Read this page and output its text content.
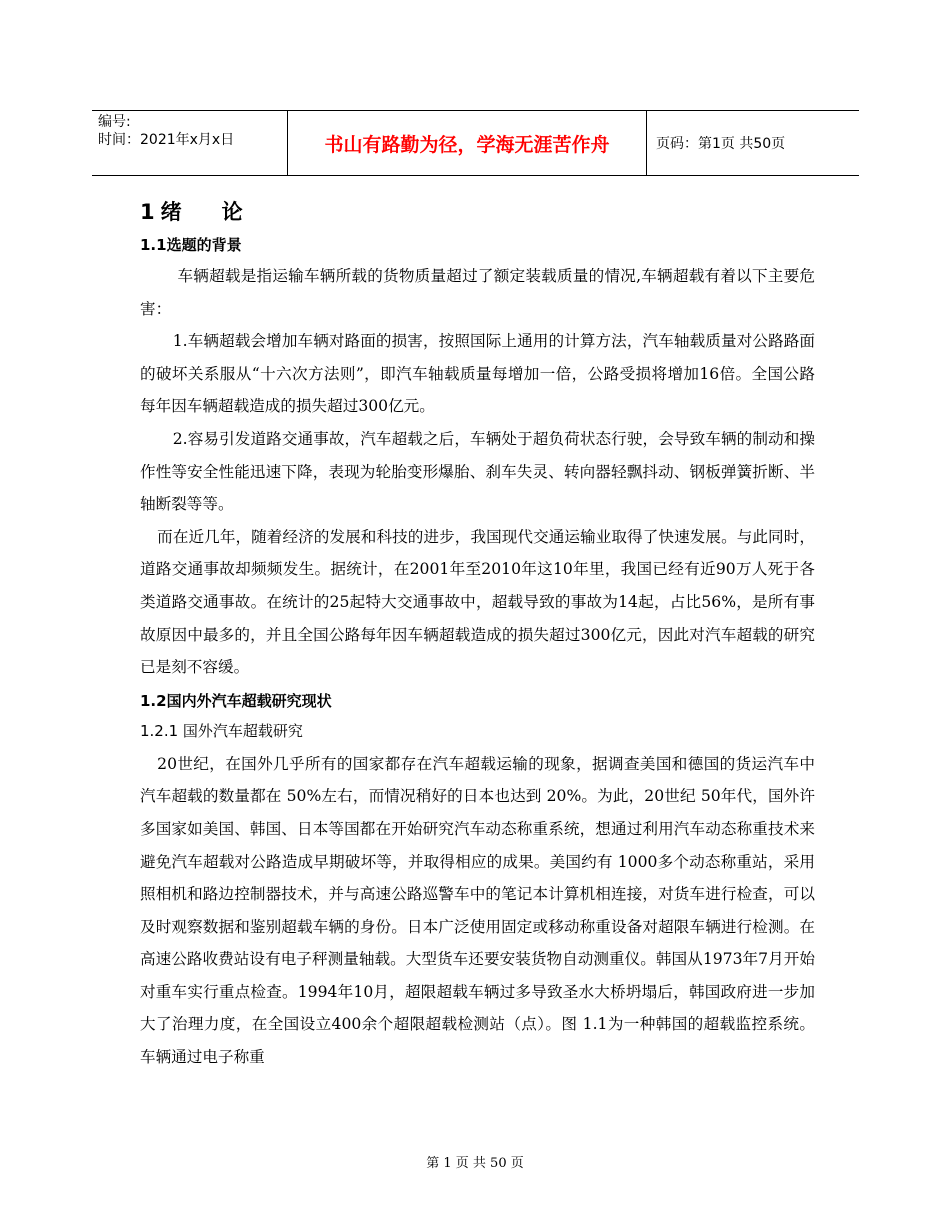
编号:
时间：2021年x月x日	书山有路勤为径，学海无涯苦作舟	页码：第1页 共50页
1 绪论
1.1选题的背景

车辆超载是指运输车辆所载的货物质量超过了额定装载质量的情况,车辆超载有着以下主要危害：

1.车辆超载会增加车辆对路面的损害，按照国际上通用的计算方法，汽车轴载质量对公路路面的破坏关系服从“十六次方法则”，即汽车轴载质量每增加一倍，公路受损将增加16倍。全国公路每年因车辆超载造成的损失超过300亿元。

2.容易引发道路交通事故，汽车超载之后，车辆处于超负荷状态行驶，会导致车辆的制动和操作性等安全性能迅速下降，表现为轮胎变形爆胎、刹车失灵、转向器轻飘抖动、钢板弹簧折断、半轴断裂等等。

而在近几年，随着经济的发展和科技的进步，我国现代交通运输业取得了快速发展。与此同时，道路交通事故却频频发生。据统计，在2001年至2010年这10年里，我国已经有近90万人死于各类道路交通事故。在统计的25起特大交通事故中，超载导致的事故为14起，占比56%，是所有事故原因中最多的，并且全国公路每年因车辆超载造成的损失超过300亿元，因此对汽车超载的研究已是刻不容缓。

1.2国内外汽车超载研究现状
1.2.1 国外汽车超载研究

20世纪，在国外几乎所有的国家都存在汽车超载运输的现象，据调查美国和德国的货运汽车中汽车超载的数量都在 50%左右，而情况稍好的日本也达到 20%。为此，20世纪 50年代，国外许多国家如美国、韩国、日本等国都在开始研究汽车动态称重系统，想通过利用汽车动态称重技术来避免汽车超载对公路造成早期破坏等，并取得相应的成果。美国约有 1000多个动态称重站，采用照相机和路边控制器技术，并与高速公路巡警车中的笔记本计算机相连接，对货车进行检查，可以及时观察数据和鉴别超载车辆的身份。日本广泛使用固定或移动称重设备对超限车辆进行检测。在高速公路收费站设有电子秤测量轴载。大型货车还要安装货物自动测重仪。韩国从1973年7月开始对重车实行重点检查。1994年10月，超限超载车辆过多导致圣水大桥坍塌后，韩国政府进一步加大了治理力度，在全国设立400余个超限超载检测站（点）。图 1.1为一种韩国的超载监控系统。车辆通过电子称重

第 1 页 共 50 页
